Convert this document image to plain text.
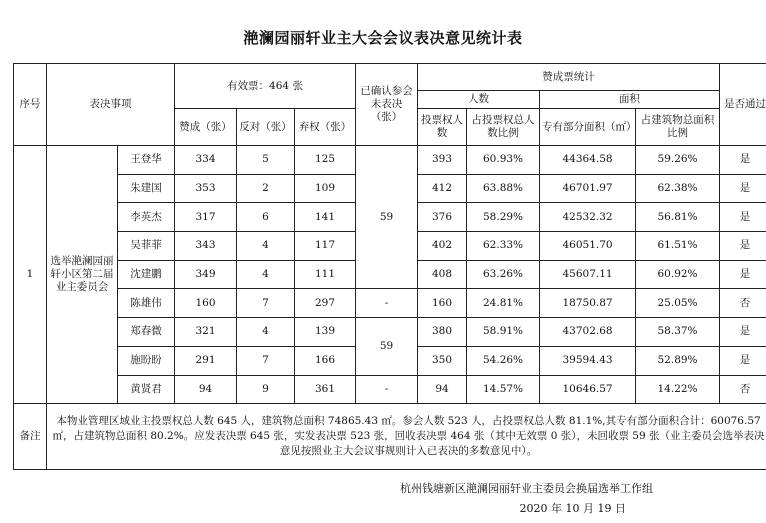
滟澜园丽轩业主大会会议表决意见统计表
序号	表决事项		有效票：464 张			已确认参会未表决（张）	赞成票统计				是否通过
							人数		面积		
			赞成（张）	反对（张）	弃权（张）		投票权人数	占投票权总人数比例	专有部分面积（㎡）	占建筑物总面积比例	
1	选举滟澜园丽轩小区第二届业主委员会	王登华	334	5	125	59	393	60.93%	44364.58	59.26%	是
		朱建国	353	2	109		412	63.88%	46701.97	62.38%	是
		李英杰	317	6	141		376	58.29%	42532.32	56.81%	是
		吴菲菲	343	4	117		402	62.33%	46051.70	61.51%	是
		沈建鹏	349	4	111		408	63.26%	45607.11	60.92%	是
		陈雄伟	160	7	297	-	160	24.81%	18750.87	25.05%	否
		郑春微	321	4	139	59	380	58.91%	43702.68	58.37%	是
		施盼盼	291	7	166		350	54.26%	39594.43	52.89%	是
		黄贤君	94	9	361	-	94	14.57%	10646.57	14.22%	否
备注	本物业管理区域业主投票权总人数 645 人，建筑物总面积 74865.43 ㎡。参会人数 523 人，占投票权总人数 81.1%,其专有部分面积合计：60076.57 ㎡，占建筑物总面积 80.2%。应发表决票 645 张，实发表决票 523 张，回收表决票 464 张（其中无效票 0 张），未回收票 59 张（业主委员会选举表决意见按照业主大会议事规则计入已表决的多数意见中）。										
杭州钱塘新区滟澜园丽轩业主委员会换届选举工作组
2020 年 10 月 19 日
